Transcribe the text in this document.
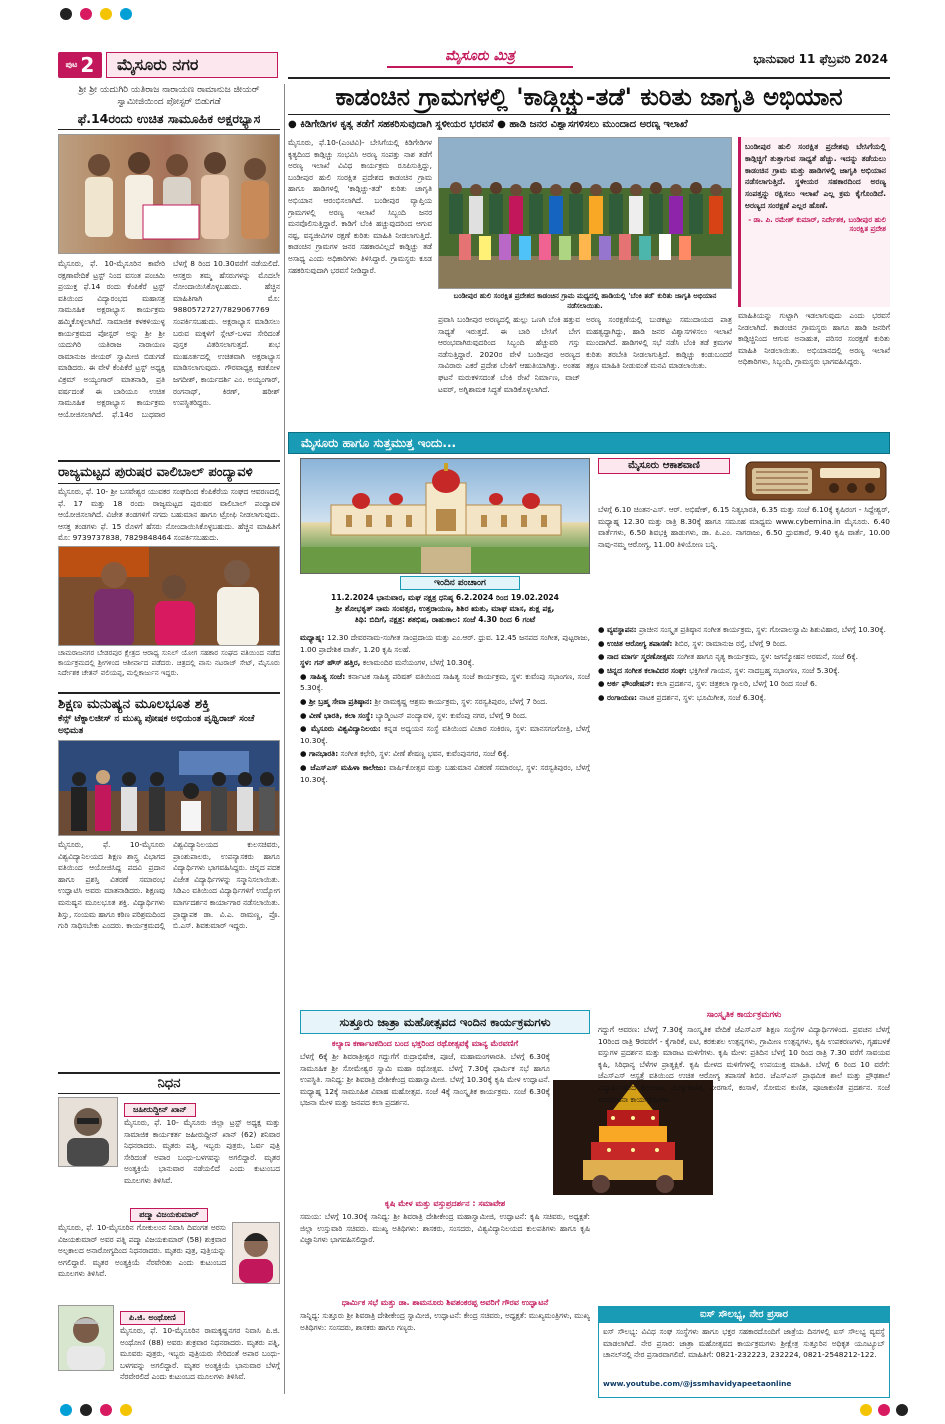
ಪುಟ 2	ಮೈಸೂರು ನಗರ	ಮೈಸೂರು ಮಿತ್ರ	ಭಾನುವಾರ 11 ಫೆಬ್ರವರಿ 2024
ಶ್ರೀ ಶ್ರೀ ಯದುಗಿರಿ ಯತಿರಾಜ ನಾರಾಯಣ ರಾಮಾನುಜ ಜೀಯರ್ ಸ್ವಾಮೀಜಿಯಿಂದ ಪೋಸ್ಟರ್ ಬಿಡುಗಡೆ
ಫೆ.14ರಂದು ಉಚಿತ ಸಾಮೂಹಿಕ ಅಕ್ಷರಭ್ಯಾಸ
ಮೈಸೂರು, ಫೆ. 10-ಮೈಸೂರಿನ ಕಾವೇರಿ ರಕ್ಷಣಾವೇದಿಕೆ ಟ್ರಸ್ಟ್ ನಿಂದ ವಸಂತ ಪಂಚಮಿ ಪ್ರಯುಕ್ತ ಫೆ.14 ರಂದು ಕೆಂಪಿಕೆರೆ ಟ್ರಸ್ಟ್ ವತಿಯಿಂದ ವಿದ್ಯಾರಂಭದ ಮಹಾಸತ್ರ ಸಾಮೂಹಿಕ ಅಕ್ಷರಾಭ್ಯಾಸ ಕಾರ್ಯಕ್ರಮ ಹಮ್ಮಿಕೊಳ್ಳಲಾಗಿದೆ. ಸಾಮಾಜಿಕ ಕಳಕಳಿಯುಳ್ಳ ಕಾರ್ಯಕ್ರಮದ ಪೋಸ್ಟರ್ ಅನ್ನು ಶ್ರೀ ಶ್ರೀ ಯದುಗಿರಿ ಯತಿರಾಜ ನಾರಾಯಣ ರಾಮಾನುಜ ಜೀಯರ್ ಸ್ವಾಮೀಜಿ ಬಿಡುಗಡೆ ಮಾಡಿದರು. ಈ ವೇಳೆ ಕೆಂಪಿಕೆರೆ ಟ್ರಸ್ಟ್ ಅಧ್ಯಕ್ಷ ವಿಕ್ರಮ್ ಅಯ್ಯಂಗಾರ್ ಮಾತನಾಡಿ, ಪ್ರತಿ ವರ್ಷದಂತೆ ಈ ಬಾರಿಯೂ ಉಚಿತ ಸಾಮೂಹಿಕ ಅಕ್ಷರಾಭ್ಯಾಸ ಕಾರ್ಯಕ್ರಮ ಆಯೋಜಿಸಲಾಗಿದೆ. ಫೆ.14ರ ಬುಧವಾರ ಬೆಳಗ್ಗೆ 8 ರಿಂದ 10.30ವರೆಗೆ ನಡೆಯಲಿದೆ. ಆಸಕ್ತರು ತಮ್ಮ ಹೆಸರುಗಳನ್ನು ಮೊದಲೇ ನೋಂದಾಯಿಸಿಕೊಳ್ಳಬಹುದು. ಹೆಚ್ಚಿನ ಮಾಹಿತಿಗಾಗಿ ಮೊ: 9880572727/7829067769 ಸಂಪರ್ಕಿಸಬಹುದು. ಅಕ್ಷರಾಭ್ಯಾಸ ಮಾಡಿಸಲು ಬರುವ ಮಕ್ಕಳಿಗೆ ಸ್ಲೇಟ್-ಬಳಪ ಸೇರಿದಂತೆ ಪುಸ್ತಕ ವಿತರಿಸಲಾಗುತ್ತದೆ. ಶುಭ ಮುಹೂರ್ತದಲ್ಲಿ ಉಚಿತವಾಗಿ ಅಕ್ಷರಾಭ್ಯಾಸ ಮಾಡಿಸಲಾಗುವುದು. ಗೌರವಾಧ್ಯಕ್ಷ ಕಡಕೋಳ ಜಗದೀಶ್, ಕಾರ್ಯದರ್ಶಿ ಎಂ. ಅಯ್ಯಂಗಾರ್, ರಂಗನಾಥ್, ಕಿರಣ್, ಹರೀಶ್ ಉಪಸ್ಥಿತರಿದ್ದರು.
ರಾಜ್ಯಮಟ್ಟದ ಪುರುಷರ ವಾಲಿಬಾಲ್ ಪಂದ್ಯಾವಳಿ
ಮೈಸೂರು, ಫೆ. 10- ಶ್ರೀ ಬಸವೇಶ್ವರ ಯುವಕರ ಸಂಘದಿಂದ ಕೆಂಪಿಕೆರೆಯ ಸಂಘದ ಆವರಣದಲ್ಲಿ ಫೆ. 17 ಮತ್ತು 18 ರಂದು ರಾಜ್ಯಮಟ್ಟದ ಪುರುಷರ ವಾಲಿಬಾಲ್ ಪಂದ್ಯಾವಳಿ ಆಯೋಜಿಸಲಾಗಿದೆ. ವಿಜೇತ ತಂಡಗಳಿಗೆ ನಗದು ಬಹುಮಾನ ಹಾಗೂ ಟ್ರೋಫಿ ನೀಡಲಾಗುವುದು. ಆಸಕ್ತ ತಂಡಗಳು ಫೆ. 15 ರೊಳಗೆ ಹೆಸರು ನೋಂದಾಯಿಸಿಕೊಳ್ಳಬಹುದು. ಹೆಚ್ಚಿನ ಮಾಹಿತಿಗೆ ಮೊ: 9739737838, 7829848464 ಸಂಪರ್ಕಿಸಬಹುದು.
ಚಾಮರಾಜನಗರ ಬೇಡರಪುರ ಕ್ಷೇತ್ರದ ಆರಾಧ್ಯ ಸುನಿಲ್ ಯೋಗ ಸಹಕಾರ ಸಂಘದ ವತಿಯಿಂದ ನಡೆದ ಕಾರ್ಯಕ್ರಮದಲ್ಲಿ ಶ್ರೀಗಳಿಂದ ಆಶೀರ್ವಾದ ಪಡೆದರು. ಚಿತ್ರದಲ್ಲಿ ವಾಸು ನಟರಾಜ್ ಸೇಟ್, ಮೈಸೂರು ನಿರ್ದೇಶಕ ಚೇತನ್ ವಲಿಯಪ್ಪ, ಮಲ್ಲಿಕಾರ್ಜುನ ಇದ್ದರು.
ಶಿಕ್ಷಣ ಮನುಷ್ಯನ ಮೂಲಭೂತ ಶಕ್ತಿ
ಕೆನ್ಸ್ ಟೆಕ್ನಾಲಜೀಸ್ ನ ಮುಖ್ಯ ಪೋಷಕ ಅಭಿಯಂತ ಪೃಥ್ವಿರಾಜ್ ಸಂಚೆ ಅಭಿಮತ
ಮೈಸೂರು, ಫೆ. 10-ಮೈಸೂರು ವಿಶ್ವವಿದ್ಯಾನಿಲಯದ ಶಿಕ್ಷಣ ಶಾಸ್ತ್ರ ವಿಭಾಗದ ವತಿಯಿಂದ ಆಯೋಜಿಸಿದ್ದ ಪದವಿ ಪ್ರದಾನ ಹಾಗೂ ಪ್ರಶಸ್ತಿ ವಿತರಣೆ ಸಮಾರಂಭ ಉದ್ಘಾಟಿಸಿ ಅವರು ಮಾತನಾಡಿದರು. ಶಿಕ್ಷಣವು ಮನುಷ್ಯನ ಮೂಲಭೂತ ಶಕ್ತಿ. ವಿದ್ಯಾರ್ಥಿಗಳು ಶಿಸ್ತು, ಸಂಯಮ ಹಾಗೂ ಕಠಿಣ ಪರಿಶ್ರಮದಿಂದ ಗುರಿ ಸಾಧಿಸಬೇಕು ಎಂದರು. ಕಾರ್ಯಕ್ರಮದಲ್ಲಿ ವಿಶ್ವವಿದ್ಯಾನಿಲಯದ ಕುಲಸಚಿವರು, ಪ್ರಾಂಶುಪಾಲರು, ಉಪನ್ಯಾಸಕರು ಹಾಗೂ ವಿದ್ಯಾರ್ಥಿಗಳು ಭಾಗವಹಿಸಿದ್ದರು. ಚಿನ್ನದ ಪದಕ ವಿಜೇತ ವಿದ್ಯಾರ್ಥಿಗಳನ್ನು ಸನ್ಮಾನಿಸಲಾಯಿತು. ಸಿಡಿಎಂ ವತಿಯಿಂದ ವಿದ್ಯಾರ್ಥಿಗಳಿಗೆ ಉದ್ಯೋಗ ಮಾರ್ಗದರ್ಶನ ಕಾರ್ಯಾಗಾರ ನಡೆಸಲಾಯಿತು. ಪ್ರಾಧ್ಯಾಪಕ ಡಾ. ವಿ.ಎ. ರಾಮಣ್ಣ, ಪ್ರೊ. ಬಿ.ಎಸ್. ಶಿವಕುಮಾರ್ ಇದ್ದರು.
ನಿಧನ
ಜಹೀರುದ್ದೀನ್ ಖಾನ್
ಮೈಸೂರು, ಫೆ. 10- ಮೈಸೂರು ಜಿಲ್ಲಾ ಟ್ರಸ್ಟ್ ಅಧ್ಯಕ್ಷ ಮತ್ತು ಸಾಮಾಜಿಕ ಕಾರ್ಯಕರ್ತ ಜಹೀರುದ್ದೀನ್ ಖಾನ್ (62) ಶನಿವಾರ ನಿಧನರಾದರು. ಮೃತರು ಪತ್ನಿ, ಇಬ್ಬರು ಪುತ್ರರು, ಓರ್ವ ಪುತ್ರಿ ಸೇರಿದಂತೆ ಅಪಾರ ಬಂಧು-ಬಳಗವನ್ನು ಅಗಲಿದ್ದಾರೆ. ಮೃತರ ಅಂತ್ಯಕ್ರಿಯೆ ಭಾನುವಾರ ನಡೆಯಲಿದೆ ಎಂದು ಕುಟುಂಬದ ಮೂಲಗಳು ತಿಳಿಸಿವೆ.
ಪದ್ಮಾ ವಿಜಯಕುಮಾರ್
ಮೈಸೂರು, ಫೆ. 10-ಮೈಸೂರಿನ ಗೋಕುಲಂನ ನಿವಾಸಿ ದಿವಂಗತ ಅರಸು ವಿಜಯಕುಮಾರ್ ಅವರ ಪತ್ನಿ ಪದ್ಮಾ ವಿಜಯಕುಮಾರ್ (58) ಶುಕ್ರವಾರ ಅಲ್ಪಕಾಲದ ಅನಾರೋಗ್ಯದಿಂದ ನಿಧನರಾದರು. ಮೃತರು ಪುತ್ರ, ಪುತ್ರಿಯನ್ನು ಅಗಲಿದ್ದಾರೆ. ಮೃತರ ಅಂತ್ಯಕ್ರಿಯೆ ನೆರವೇರಿತು ಎಂದು ಕುಟುಂಬದ ಮೂಲಗಳು ತಿಳಿಸಿವೆ.
ಪಿ.ಜಿ. ಅಂಥೋಣಿ
ಮೈಸೂರು, ಫೆ. 10-ಮೈಸೂರಿನ ರಾಮಕೃಷ್ಣನಗರ ನಿವಾಸಿ ಪಿ.ಜಿ. ಅಂಥೋಣಿ (88) ಅವರು ಶುಕ್ರವಾರ ನಿಧನರಾದರು. ಮೃತರು ಪತ್ನಿ, ಮೂವರು ಪುತ್ರರು, ಇಬ್ಬರು ಪುತ್ರಿಯರು ಸೇರಿದಂತೆ ಅಪಾರ ಬಂಧು-ಬಳಗವನ್ನು ಅಗಲಿದ್ದಾರೆ. ಮೃತರ ಅಂತ್ಯಕ್ರಿಯೆ ಭಾನುವಾರ ಬೆಳಗ್ಗೆ ನೆರವೇರಲಿದೆ ಎಂದು ಕುಟುಂಬದ ಮೂಲಗಳು ತಿಳಿಸಿವೆ.
ಕಾಡಂಚಿನ ಗ್ರಾಮಗಳಲ್ಲಿ 'ಕಾಡ್ಗಿಚ್ಚು-ತಡೆ' ಕುರಿತು ಜಾಗೃತಿ ಅಭಿಯಾನ
● ಕಿಡಿಗೇಡಿಗಳ ಕೃತ್ಯ ತಡೆಗೆ ಸಹಕರಿಸುವುದಾಗಿ ಸ್ಥಳೀಯರ ಭರವಸೆ ● ಹಾಡಿ ಜನರ ವಿಶ್ವಾಸಗಳಿಸಲು ಮುಂದಾದ ಅರಣ್ಯ ಇಲಾಖೆ
ಮೈಸೂರು, ಫೆ.10-(ಎಂಟಿವಿ)- ಬೇಸಿಗೆಯಲ್ಲಿ ಕಿಡಿಗೇಡಿಗಳ ಕೃತ್ಯದಿಂದ ಕಾಡ್ಗಿಚ್ಚು ಸಂಭವಿಸಿ ಅರಣ್ಯ ಸಂಪತ್ತು ನಾಶ ತಡೆಗೆ ಅರಣ್ಯ ಇಲಾಖೆ ವಿವಿಧ ಕಾರ್ಯಕ್ರಮ ರೂಪಿಸುತ್ತಿದ್ದು, ಬಂಡೀಪುರ ಹುಲಿ ಸಂರಕ್ಷಿತ ಪ್ರದೇಶದ ಕಾಡಂಚಿನ ಗ್ರಾಮ ಹಾಗೂ ಹಾಡಿಗಳಲ್ಲಿ 'ಕಾಡ್ಗಿಚ್ಚು-ತಡೆ' ಕುರಿತು ಜಾಗೃತಿ ಅಭಿಯಾನ ಆರಂಭಿಸಲಾಗಿದೆ. ಬಂಡೀಪುರ ವ್ಯಾಪ್ತಿಯ ಗ್ರಾಮಗಳಲ್ಲಿ ಅರಣ್ಯ ಇಲಾಖೆ ಸಿಬ್ಬಂದಿ ಜನರ ಮನವೊಲಿಸುತ್ತಿದ್ದಾರೆ. ಕಾಡಿಗೆ ಬೆಂಕಿ ಹಚ್ಚುವುದರಿಂದ ಆಗುವ ನಷ್ಟ, ವನ್ಯಜೀವಿಗಳ ರಕ್ಷಣೆ ಕುರಿತು ಮಾಹಿತಿ ನೀಡಲಾಗುತ್ತಿದೆ. ಕಾಡಂಚಿನ ಗ್ರಾಮಗಳ ಜನರ ಸಹಕಾರವಿಲ್ಲದೆ ಕಾಡ್ಗಿಚ್ಚು ತಡೆ ಅಸಾಧ್ಯ ಎಂದು ಅಧಿಕಾರಿಗಳು ತಿಳಿಸಿದ್ದಾರೆ. ಗ್ರಾಮಸ್ಥರು ಕೂಡ ಸಹಕರಿಸುವುದಾಗಿ ಭರವಸೆ ನೀಡಿದ್ದಾರೆ.
ಬಂಡೀಪುರ ಹುಲಿ ಸಂರಕ್ಷಿತ ಪ್ರದೇಶದ ಕಾಡಂಚಿನ ಗ್ರಾಮ ಮಧ್ಯದಲ್ಲಿ ಹಾಡಿಯಲ್ಲಿ 'ಬೆಂಕಿ ತಡೆ' ಕುರಿತು ಜಾಗೃತಿ ಅಭಿಯಾನ ನಡೆಸಲಾಯಿತು.
ಬಂಡೀಪುರ ಹುಲಿ ಸಂರಕ್ಷಿತ ಪ್ರದೇಶವು ಬೇಸಿಗೆಯಲ್ಲಿ ಕಾಡ್ಗಿಚ್ಚಿಗೆ ತುತ್ತಾಗುವ ಸಾಧ್ಯತೆ ಹೆಚ್ಚು. ಇದನ್ನು ತಡೆಯಲು ಕಾಡಂಚಿನ ಗ್ರಾಮ ಮತ್ತು ಹಾಡಿಗಳಲ್ಲಿ ಜಾಗೃತಿ ಅಭಿಯಾನ ನಡೆಸಲಾಗುತ್ತಿದೆ. ಸ್ಥಳೀಯರ ಸಹಕಾರದಿಂದ ಅರಣ್ಯ ಸಂಪತ್ತನ್ನು ರಕ್ಷಿಸಲು ಇಲಾಖೆ ಎಲ್ಲ ಕ್ರಮ ಕೈಗೊಂಡಿದೆ. ಅರಣ್ಯದ ಸಂರಕ್ಷಣೆ ಎಲ್ಲರ ಹೊಣೆ.
- ಡಾ. ಪಿ. ರಮೇಶ್ ಕುಮಾರ್, ನಿರ್ದೇಶಕ, ಬಂಡೀಪುರ ಹುಲಿ ಸಂರಕ್ಷಿತ ಪ್ರದೇಶ
ಪ್ರವಾಸಿ ಬಂಡೀಪುರ ಅರಣ್ಯದಲ್ಲಿ ಹುಲ್ಲು ಒಣಗಿ ಬೆಂಕಿ ಹತ್ತುವ ಸಾಧ್ಯತೆ ಇರುತ್ತದೆ. ಈ ಬಾರಿ ಬೇಸಿಗೆ ಬೇಗ ಆರಂಭವಾಗಿರುವುದರಿಂದ ಸಿಬ್ಬಂದಿ ಹೆಚ್ಚುವರಿ ಗಸ್ತು ನಡೆಸುತ್ತಿದ್ದಾರೆ. 2020ರ ವೇಳೆ ಬಂಡೀಪುರ ಅರಣ್ಯದ ಸಾವಿರಾರು ಎಕರೆ ಪ್ರದೇಶ ಬೆಂಕಿಗೆ ಆಹುತಿಯಾಗಿತ್ತು. ಅಂತಹ ಘಟನೆ ಮರುಕಳಿಸದಂತೆ ಬೆಂಕಿ ರೇಖೆ ನಿರ್ಮಾಣ, ವಾಚ್ ಟವರ್, ಅಗ್ನಿಶಾಮಕ ಸಿದ್ಧತೆ ಮಾಡಿಕೊಳ್ಳಲಾಗಿದೆ.
ಅರಣ್ಯ ಸಂರಕ್ಷಣೆಯಲ್ಲಿ ಬುಡಕಟ್ಟು ಸಮುದಾಯದ ಪಾತ್ರ ಮಹತ್ವದ್ದಾಗಿದ್ದು, ಹಾಡಿ ಜನರ ವಿಶ್ವಾಸಗಳಿಸಲು ಇಲಾಖೆ ಮುಂದಾಗಿದೆ. ಹಾಡಿಗಳಲ್ಲಿ ಸಭೆ ನಡೆಸಿ ಬೆಂಕಿ ತಡೆ ಕ್ರಮಗಳ ಕುರಿತು ತರಬೇತಿ ನೀಡಲಾಗುತ್ತಿದೆ. ಕಾಡ್ಗಿಚ್ಚು ಕಂಡುಬಂದರೆ ತಕ್ಷಣ ಮಾಹಿತಿ ನೀಡುವಂತೆ ಮನವಿ ಮಾಡಲಾಯಿತು.
ಮಾಹಿತಿಯನ್ನು ಗುಟ್ಟಾಗಿ ಇಡಲಾಗುವುದು ಎಂದು ಭರವಸೆ ನೀಡಲಾಗಿದೆ. ಕಾಡಂಚಿನ ಗ್ರಾಮಸ್ಥರು ಹಾಗೂ ಹಾಡಿ ಜನರಿಗೆ ಕಾಡ್ಗಿಚ್ಚಿನಿಂದ ಆಗುವ ಅನಾಹುತ, ಪರಿಸರ ಸಂರಕ್ಷಣೆ ಕುರಿತು ಮಾಹಿತಿ ನೀಡಲಾಯಿತು. ಅಭಿಯಾನದಲ್ಲಿ ಅರಣ್ಯ ಇಲಾಖೆ ಅಧಿಕಾರಿಗಳು, ಸಿಬ್ಬಂದಿ, ಗ್ರಾಮಸ್ಥರು ಭಾಗವಹಿಸಿದ್ದರು.
ಮೈಸೂರು ಹಾಗೂ ಸುತ್ತಮುತ್ತ ಇಂದು...
ಇಂದಿನ ಪಂಚಾಂಗ
11.2.2024 ಭಾನುವಾರ, ಮಘ ನಕ್ಷತ್ರ ಧನಿಷ್ಠ 6.2.2024 ರಿಂದ 19.02.2024
ಶ್ರೀ ಶೋಭಕೃತ್ ನಾಮ ಸಂವತ್ಸರ, ಉತ್ತರಾಯಣ, ಶಿಶಿರ ಋತು, ಮಾಘ ಮಾಸ, ಶುಕ್ಲ ಪಕ್ಷ,
ತಿಥಿ: ಬಿದಿಗೆ, ನಕ್ಷತ್ರ: ಶತಭಿಷ, ರಾಹುಕಾಲ: ಸಂಜೆ 4.30 ರಿಂದ 6 ಗಂಟೆ
ಮೈಸೂರು ಆಕಾಶವಾಣಿ
ಬೆಳಗ್ಗೆ 6.10 ಚಿಂತನ-ಎಸ್. ಆರ್. ಅಭಿಷೇಕ್, 6.15 ನಿತ್ಯಭಾರತಿ, 6.35 ಮತ್ತು ಸಂಜೆ 6.10ಕ್ಕೆ ಕೃಷಿರಂಗ - ಸಿದ್ದೇಶ್ವರ್, ಮಧ್ಯಾಹ್ನ 12.30 ಮತ್ತು ರಾತ್ರಿ 8.30ಕ್ಕೆ ಹಾಗೂ ಸಮೂಹ ಮಾಧ್ಯಮ www.cybemina.in ಮೈಸೂರು. 6.40 ವಾರ್ತೆಗಳು, 6.50 ಶಿವಭಕ್ತಿ ಹಾಡುಗಳು, ಡಾ. ಪಿ.ಎಂ. ನಾಗರಾಜು, 6.50 ಧ್ರುವತಾರೆ, 9.40 ಕೃಷಿ ವಾರ್ತೆ, 10.00 ನಾವು-ನಮ್ಮ ಆರೋಗ್ಯ, 11.00 ತಿಳಿಯೋಣ ಬನ್ನಿ.

ಮಧ್ಯಾಹ್ನ: 12.30 ದೇವರನಾಮ-ಸಂಗೀತ ಸಾಂಪ್ರದಾಯ ಮತ್ತು ಎಂ.ಆರ್. ಧ್ರುವ. 12.45 ಜನಪದ ಸಂಗೀತ, ಪುಟ್ಟರಾಜು, 1.00 ಪ್ರಾದೇಶಿಕ ವಾರ್ತೆ, 1.20 ಕೃಷಿ ಸಲಹೆ.

ಸ್ಥಳ: ಗನ್ ಹೌಸ್ ಹತ್ತಿರ, ಕಲಾಮಂದಿರ ಮನೆಯಂಗಳ, ಬೆಳಗ್ಗೆ 10.30ಕ್ಕೆ.

● ಸಾಹಿತ್ಯ ಸಂಜೆ: ಕರ್ನಾಟಕ ಸಾಹಿತ್ಯ ಪರಿಷತ್ ವತಿಯಿಂದ ಸಾಹಿತ್ಯ ಸಂಜೆ ಕಾರ್ಯಕ್ರಮ, ಸ್ಥಳ: ಕುವೆಂಪು ಸಭಾಂಗಣ, ಸಂಜೆ 5.30ಕ್ಕೆ.

● ಶ್ರೀ ಬ್ರಹ್ಮ ಸೇವಾ ಪ್ರತಿಷ್ಠಾನ: ಶ್ರೀ ರಾಮಕೃಷ್ಣ ಆಶ್ರಮ ಕಾರ್ಯಕ್ರಮ, ಸ್ಥಳ: ಸರಸ್ವತಿಪುರಂ, ಬೆಳಗ್ಗೆ 7 ರಿಂದ.

● ವೀಣೆ ಭಾರತಿ, ಕಲಾ ಸಂಸ್ಥೆ: ಬ್ಯಾಡ್ಮಿಂಟನ್ ಪಂದ್ಯಾವಳಿ, ಸ್ಥಳ: ಕುವೆಂಪು ನಗರ, ಬೆಳಗ್ಗೆ 9 ರಿಂದ.

● ಮೈಸೂರು ವಿಶ್ವವಿದ್ಯಾನಿಲಯ: ಕನ್ನಡ ಅಧ್ಯಯನ ಸಂಸ್ಥೆ ವತಿಯಿಂದ ವಿಚಾರ ಸಂಕಿರಣ, ಸ್ಥಳ: ಮಾನಸಗಂಗೋತ್ರಿ, ಬೆಳಗ್ಗೆ 10.30ಕ್ಕೆ.

● ಗಾನಭಾರತಿ: ಸಂಗೀತ ಕಛೇರಿ, ಸ್ಥಳ: ವೀಣೆ ಶೇಷಣ್ಣ ಭವನ, ಕುವೆಂಪುನಗರ, ಸಂಜೆ 6ಕ್ಕೆ.

● ಜೆಎಸ್ಎಸ್ ಮಹಿಳಾ ಕಾಲೇಜು: ವಾರ್ಷಿಕೋತ್ಸವ ಮತ್ತು ಬಹುಮಾನ ವಿತರಣೆ ಸಮಾರಂಭ, ಸ್ಥಳ: ಸರಸ್ವತಿಪುರಂ, ಬೆಳಗ್ಗೆ 10.30ಕ್ಕೆ.

● ವ್ಯವಸ್ಥಾಪನ: ಪ್ರಾಚೀನ ಸಂಸ್ಕೃತ ಪ್ರತಿಷ್ಠಾನ ಸಂಗೀತ ಕಾರ್ಯಕ್ರಮ, ಸ್ಥಳ: ಗೋಪಾಲಸ್ವಾಮಿ ಶಿಶುವಿಹಾರ, ಬೆಳಗ್ಗೆ 10.30ಕ್ಕೆ.

● ಉಚಿತ ಆರೋಗ್ಯ ತಪಾಸಣೆ: ಶಿಬಿರ, ಸ್ಥಳ: ರಾಮಾನುಜ ರಸ್ತೆ, ಬೆಳಗ್ಗೆ 9 ರಿಂದ.

● ನಾದ ಮಾರ್ಗ ಸ್ಮರಣೋತ್ಸವ: ಸಂಗೀತ ಹಾಗೂ ನೃತ್ಯ ಕಾರ್ಯಕ್ರಮ, ಸ್ಥಳ: ಜಗನ್ಮೋಹನ ಅರಮನೆ, ಸಂಜೆ 6ಕ್ಕೆ.

● ಚಿನ್ನದ ಸಂಗೀತ ಕಲಾವಿದರ ಸಂಘ: ಭಕ್ತಿಗೀತೆ ಗಾಯನ, ಸ್ಥಳ: ನಾದಬ್ರಹ್ಮ ಸಭಾಂಗಣ, ಸಂಜೆ 5.30ಕ್ಕೆ.

● ಅರ್ಕ ಫೌಂಡೇಷನ್: ಕಲಾ ಪ್ರದರ್ಶನ, ಸ್ಥಳ: ಚಿತ್ರಕಲಾ ಗ್ಯಾಲರಿ, ಬೆಳಗ್ಗೆ 10 ರಿಂದ ಸಂಜೆ 6.

● ರಂಗಾಯಣ: ನಾಟಕ ಪ್ರದರ್ಶನ, ಸ್ಥಳ: ಭೂಮಿಗೀತ, ಸಂಜೆ 6.30ಕ್ಕೆ.

ಸುತ್ತೂರು ಜಾತ್ರಾ ಮಹೋತ್ಸವದ ಇಂದಿನ ಕಾರ್ಯಕ್ರಮಗಳು
ಕಲ್ಯಾಣ ಕರ್ಣಾಟಕದಿಂದ ಬಂದ ಭಕ್ತರಿಂದ ರಥೋತ್ಸವಕ್ಕೆ ಮಾನ್ಯ ಮೆರವಣಿಗೆ
ಬೆಳಗ್ಗೆ 6ಕ್ಕೆ ಶ್ರೀ ಶಿವರಾತ್ರೀಶ್ವರ ಗದ್ದುಗೆಗೆ ರುದ್ರಾಭಿಷೇಕ, ಪೂಜೆ, ಮಹಾಮಂಗಳಾರತಿ. ಬೆಳಗ್ಗೆ 6.30ಕ್ಕೆ ಸಾಮೂಹಿಕ ಶ್ರೀ ಸೋಮೇಶ್ವರ ಸ್ವಾಮಿ ಮಹಾ ರಥೋತ್ಸವ. ಬೆಳಗ್ಗೆ 7.30ಕ್ಕೆ ಧಾರ್ಮಿಕ ಸಭೆ ಹಾಗೂ ಉಪಸ್ಥಿತಿ. ಸಾನಿಧ್ಯ: ಶ್ರೀ ಶಿವರಾತ್ರಿ ದೇಶೀಕೇಂದ್ರ ಮಹಾಸ್ವಾಮೀಜಿ. ಬೆಳಗ್ಗೆ 10.30ಕ್ಕೆ ಕೃಷಿ ಮೇಳ ಉದ್ಘಾಟನೆ. ಮಧ್ಯಾಹ್ನ 12ಕ್ಕೆ ಸಾಮೂಹಿಕ ವಿವಾಹ ಮಹೋತ್ಸವ. ಸಂಜೆ 4ಕ್ಕೆ ಸಾಂಸ್ಕೃತಿಕ ಕಾರ್ಯಕ್ರಮ. ಸಂಜೆ 6.30ಕ್ಕೆ ಭಜನಾ ಮೇಳ ಮತ್ತು ಜನಪದ ಕಲಾ ಪ್ರದರ್ಶನ.
ಕೃಷಿ ಮೇಳ ಮತ್ತು ವಸ್ತುಪ್ರದರ್ಶನ : ಸಮಾವೇಶ
ಸಮಯ: ಬೆಳಗ್ಗೆ 10.30ಕ್ಕೆ ಸಾನಿಧ್ಯ: ಶ್ರೀ ಶಿವರಾತ್ರಿ ದೇಶೀಕೇಂದ್ರ ಮಹಾಸ್ವಾಮೀಜಿ, ಉದ್ಘಾಟನೆ: ಕೃಷಿ ಸಚಿವರು, ಅಧ್ಯಕ್ಷತೆ: ಜಿಲ್ಲಾ ಉಸ್ತುವಾರಿ ಸಚಿವರು. ಮುಖ್ಯ ಅತಿಥಿಗಳು: ಶಾಸಕರು, ಸಂಸದರು, ವಿಶ್ವವಿದ್ಯಾನಿಲಯದ ಕುಲಪತಿಗಳು ಹಾಗೂ ಕೃಷಿ ವಿಜ್ಞಾನಿಗಳು ಭಾಗವಹಿಸಲಿದ್ದಾರೆ.
ಧಾರ್ಮಿಕ ಸಭೆ ಮತ್ತು ಡಾ. ಶಾಮನೂರು ಶಿವಶಂಕರಪ್ಪ ಅವರಿಗೆ ಗೌರವ ಉದ್ಘಾಟನೆ
ಸಾನ್ನಿಧ್ಯ: ಸುತ್ತೂರು ಶ್ರೀ ಶಿವರಾತ್ರಿ ದೇಶೀಕೇಂದ್ರ ಸ್ವಾಮೀಜಿ, ಉದ್ಘಾಟನೆ: ಕೇಂದ್ರ ಸಚಿವರು, ಅಧ್ಯಕ್ಷತೆ: ಮುಖ್ಯಮಂತ್ರಿಗಳು, ಮುಖ್ಯ ಅತಿಥಿಗಳು: ಸಂಸದರು, ಶಾಸಕರು ಹಾಗೂ ಗಣ್ಯರು.
ಸಾಂಸ್ಕೃತಿಕ ಕಾರ್ಯಕ್ರಮಗಳು
ಗದ್ದುಗೆ ಆವರಣ: ಬೆಳಗ್ಗೆ 7.30ಕ್ಕೆ ಸಾಂಸ್ಕೃತಿಕ ವೇದಿಕೆ ಜೆಎಸ್ಎಸ್ ಶಿಕ್ಷಣ ಸಂಸ್ಥೆಗಳ ವಿದ್ಯಾರ್ಥಿಗಳಿಂದ. ಪ್ರವಚನ ಬೆಳಗ್ಗೆ 10ರಿಂದ ರಾತ್ರಿ 9ರವರೆಗೆ - ಕೈಗಾರಿಕೆ, ಐಟಿ, ಕರಕುಶಲ ಉತ್ಪನ್ನಗಳು, ಗ್ರಾಮೀಣ ಉತ್ಪನ್ನಗಳು, ಕೃಷಿ ಉಪಕರಣಗಳು, ಗೃಹಬಳಕೆ ವಸ್ತುಗಳ ಪ್ರದರ್ಶನ ಮತ್ತು ಮಾರಾಟ ಮಳಿಗೆಗಳು. ಕೃಷಿ ಮೇಳ: ಪ್ರತಿದಿನ ಬೆಳಗ್ಗೆ 10 ರಿಂದ ರಾತ್ರಿ 7.30 ವರೆಗೆ ಸಾವಯವ ಕೃಷಿ, ಸಿರಿಧಾನ್ಯ ಬೆಳೆಗಳ ಪ್ರಾತ್ಯಕ್ಷಿಕೆ. ಕೃಷಿ ಮೇಳದ ಮಳಿಗೆಗಳಲ್ಲಿ ಉಪಯುಕ್ತ ಮಾಹಿತಿ. ಬೆಳಗ್ಗೆ 6 ರಿಂದ 10 ವರೆಗೆ: ಜೆಎಸ್ಎಸ್ ಆಸ್ಪತ್ರೆ ವತಿಯಿಂದ ಉಚಿತ ಆರೋಗ್ಯ ತಪಾಸಣೆ ಶಿಬಿರ. ಜೆಎಸ್ಎಸ್ ಪ್ರಾಥಮಿಕ ಶಾಲೆ ಮತ್ತು ಪ್ರೌಢಶಾಲೆ ವಿದ್ಯಾರ್ಥಿಗಳಿಂದ ಕೋಲಾಟ, ಡೊಳ್ಳುಕುಣಿತ, ವೀರಗಾಸೆ, ಕಂಸಾಳೆ, ಸೋಮನ ಕುಣಿತ, ಪೂಜಾಕುಣಿತ ಪ್ರದರ್ಶನ. ಸಂಜೆ ಮನರಂಜನಾ ಕಾರ್ಯಕ್ರಮಗಳು.
ಐಸ್ ಸೌಲಭ್ಯ, ನೇರ ಪ್ರಸಾರ
ಐಸ್ ಸೌಲಭ್ಯ: ವಿವಿಧ ಸಂಘ ಸಂಸ್ಥೆಗಳು ಹಾಗೂ ಭಕ್ತರ ಸಹಕಾರದೊಂದಿಗೆ ಜಾತ್ರೆಯ ದಿನಗಳಲ್ಲಿ ಐಸ್ ಸೌಲಭ್ಯ ವ್ಯವಸ್ಥೆ ಮಾಡಲಾಗಿದೆ. ನೇರ ಪ್ರಸಾರ: ಜಾತ್ರಾ ಮಹೋತ್ಸವದ ಕಾರ್ಯಕ್ರಮಗಳು ಶ್ರೀಕ್ಷೇತ್ರ ಸುತ್ತೂರಿನ ಅಧಿಕೃತ ಯೂಟ್ಯೂಬ್ ಚಾನಲ್‌ನಲ್ಲಿ ನೇರ ಪ್ರಸಾರವಾಗಲಿವೆ. ಮಾಹಿತಿಗೆ: 0821-232223, 232224, 0821-2548212-122.
www.youtube.com/@jssmhavidyapeetaonline
